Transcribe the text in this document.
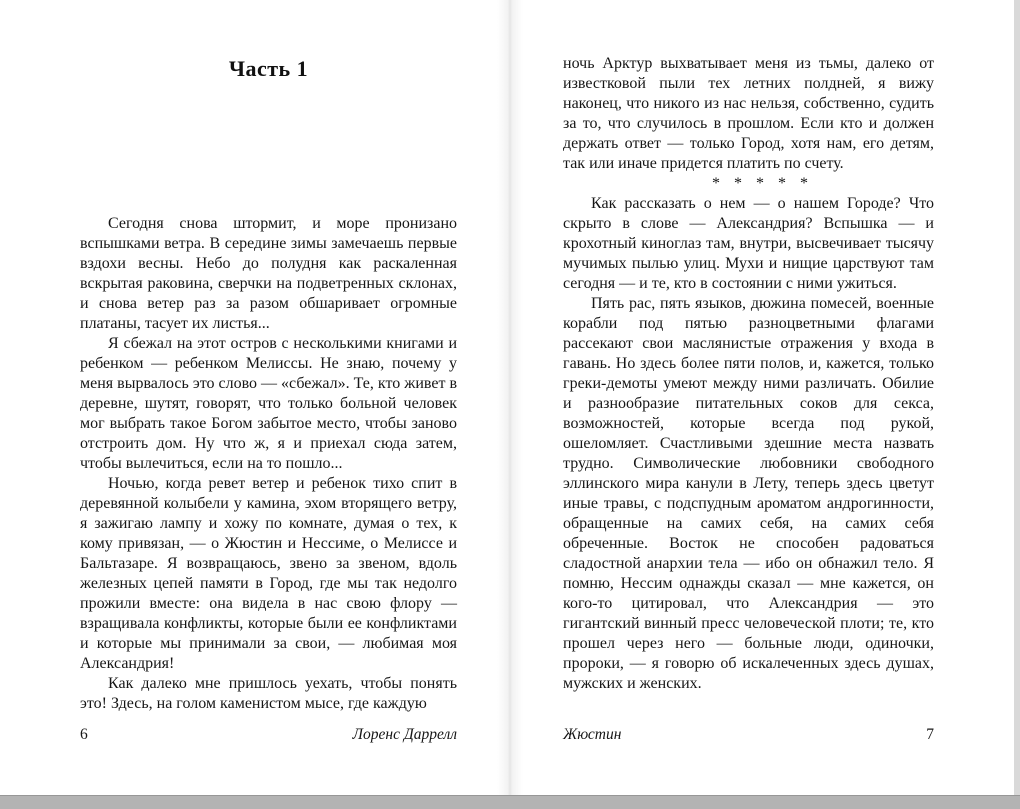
Часть 1

Сегодня снова штормит, и море пронизано вспышками ветра. В середине зимы замечаешь первые вздохи весны. Небо до полудня как раскаленная вскрытая раковина, сверчки на подветренных склонах, и снова ветер раз за разом обшаривает огромные платаны, тасует их листья...

Я сбежал на этот остров с несколькими книгами и ребенком — ребенком Мелиссы. Не знаю, почему у меня вырвалось это слово — «сбежал». Те, кто живет в деревне, шутят, говорят, что только больной человек мог выбрать такое Богом забытое место, чтобы заново отстроить дом. Ну что ж, я и приехал сюда затем, чтобы вылечиться, если на то пошло...

Ночью, когда ревет ветер и ребенок тихо спит в деревянной колыбели у камина, эхом вторящего ветру, я зажигаю лампу и хожу по комнате, думая о тех, к кому привязан, — о Жюстин и Нессиме, о Мелиссе и Бальтазаре. Я возвращаюсь, звено за звеном, вдоль железных цепей памяти в Город, где мы так недолго прожили вместе: она видела в нас свою флору — взращивала конфликты, которые были ее конфликтами и которые мы принимали за свои, — любимая моя Александрия!

Как далеко мне пришлось уехать, чтобы понять это! Здесь, на голом каменистом мысе, где каждую

6	Лоренс Даррелл

ночь Арктур выхватывает меня из тьмы, далеко от известковой пыли тех летних полдней, я вижу наконец, что никого из нас нельзя, собственно, судить за то, что случилось в прошлом. Если кто и должен держать ответ — только Город, хотя нам, его детям, так или иначе придется платить по счету.

* * * * *

Как рассказать о нем — о нашем Городе? Что скрыто в слове — Александрия? Вспышка — и крохотный киноглаз там, внутри, высвечивает тысячу мучимых пылью улиц. Мухи и нищие царствуют там сегодня — и те, кто в состоянии с ними ужиться.

Пять рас, пять языков, дюжина помесей, военные корабли под пятью разноцветными флагами рассекают свои маслянистые отражения у входа в гавань. Но здесь более пяти полов, и, кажется, только греки-демоты умеют между ними различать. Обилие и разнообразие питательных соков для секса, возможностей, которые всегда под рукой, ошеломляет. Счастливыми здешние места назвать трудно. Символические любовники свободного эллинского мира канули в Лету, теперь здесь цветут иные травы, с подспудным ароматом андрогинности, обращенные на самих себя, на самих себя обреченные. Восток не способен радоваться сладостной анархии тела — ибо он обнажил тело. Я помню, Нессим однажды сказал — мне кажется, он кого-то цитировал, что Александрия — это гигантский винный пресс человеческой плоти; те, кто прошел через него — больные люди, одиночки, пророки, — я говорю об искалеченных здесь душах, мужских и женских.

Жюстин	7
